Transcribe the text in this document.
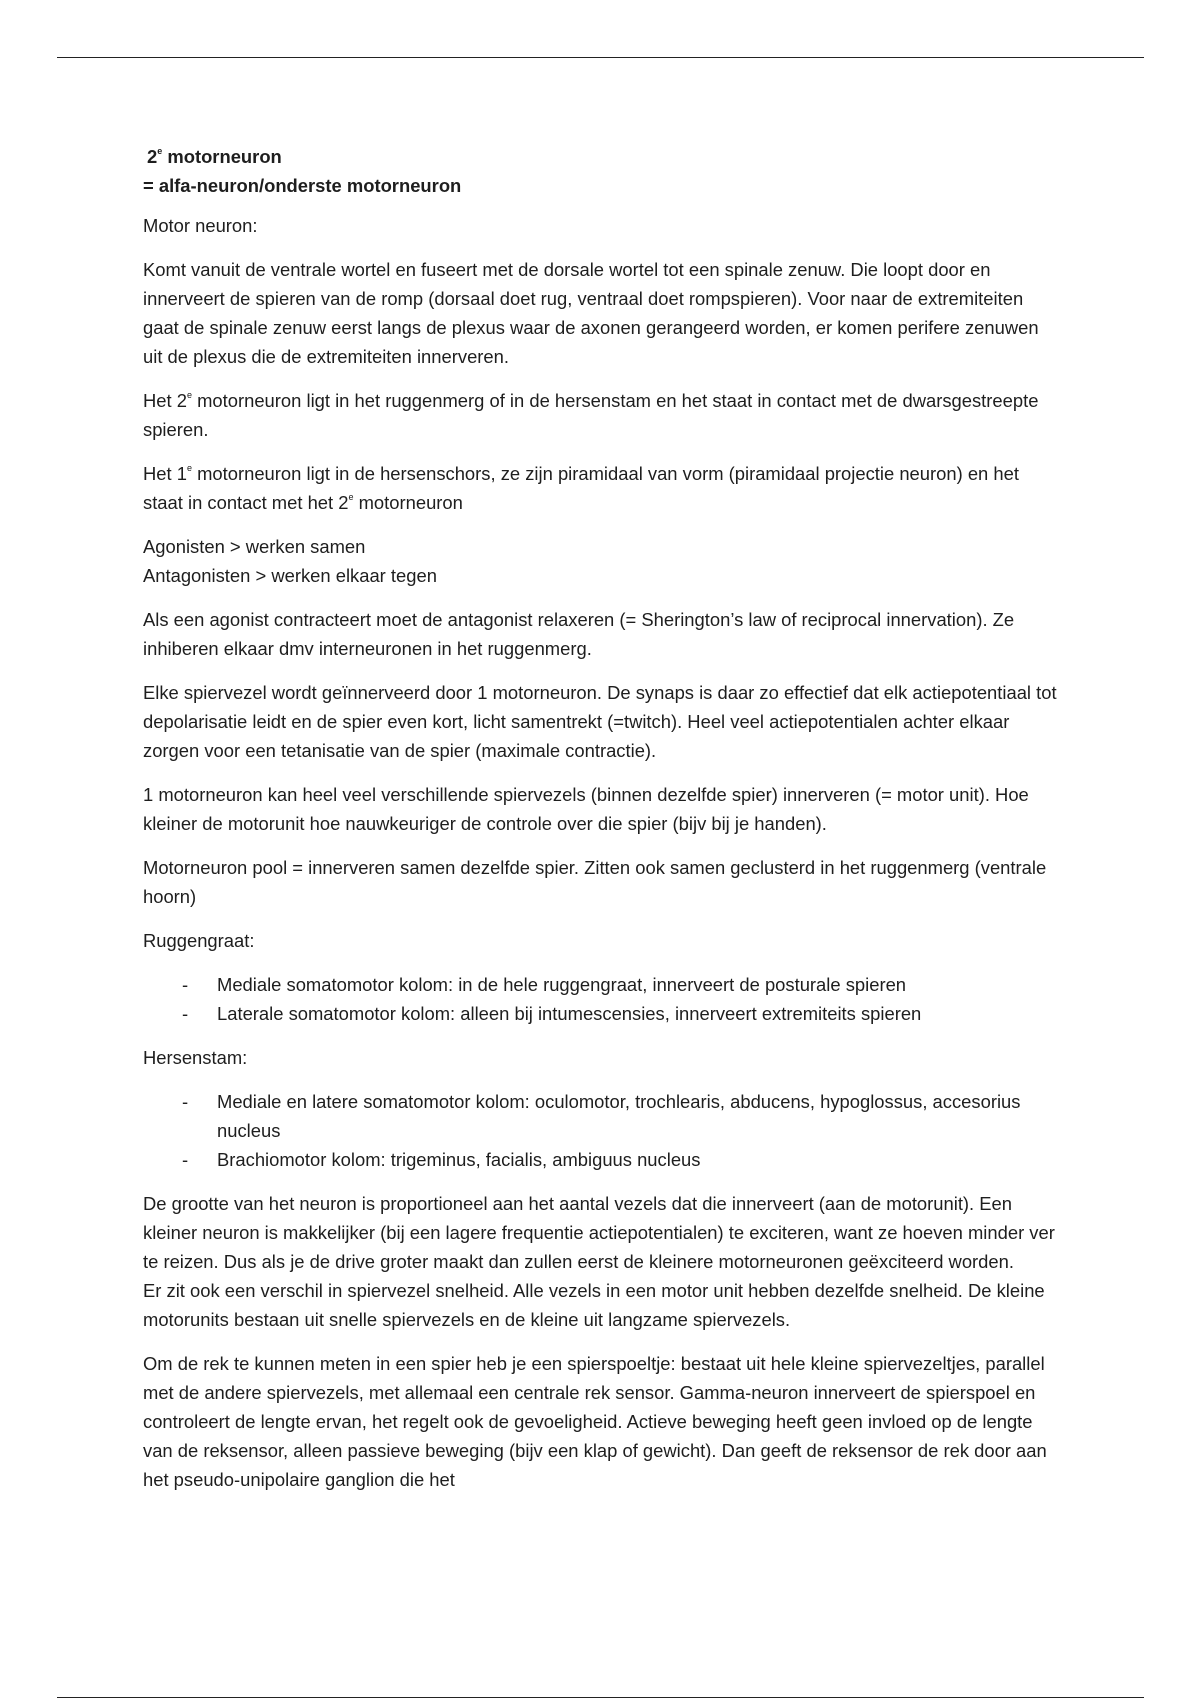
2e motorneuron

= alfa-neuron/onderste motorneuron

Motor neuron:

Komt vanuit de ventrale wortel en fuseert met de dorsale wortel tot een spinale zenuw. Die loopt door en innerveert de spieren van de romp (dorsaal doet rug, ventraal doet rompspieren). Voor naar de extremiteiten gaat de spinale zenuw eerst langs de plexus waar de axonen gerangeerd worden, er komen perifere zenuwen uit de plexus die de extremiteiten innerveren.

Het 2e motorneuron ligt in het ruggenmerg of in de hersenstam en het staat in contact met de dwarsgestreepte spieren.

Het 1e motorneuron ligt in de hersenschors, ze zijn piramidaal van vorm (piramidaal projectie neuron) en het staat in contact met het 2e motorneuron

Agonisten > werken samen
Antagonisten > werken elkaar tegen

Als een agonist contracteert moet de antagonist relaxeren (= Sherington’s law of reciprocal innervation). Ze inhiberen elkaar dmv interneuronen in het ruggenmerg.

Elke spiervezel wordt geïnnerveerd door 1 motorneuron. De synaps is daar zo effectief dat elk actiepotentiaal tot depolarisatie leidt en de spier even kort, licht samentrekt (=twitch). Heel veel actiepotentialen achter elkaar zorgen voor een tetanisatie van de spier (maximale contractie).

1 motorneuron kan heel veel verschillende spiervezels (binnen dezelfde spier) innerveren (= motor unit). Hoe kleiner de motorunit hoe nauwkeuriger de controle over die spier (bijv bij je handen).

Motorneuron pool = innerveren samen dezelfde spier. Zitten ook samen geclusterd in het ruggenmerg (ventrale hoorn)

Ruggengraat:

- Mediale somatomotor kolom: in de hele ruggengraat, innerveert de posturale spieren
- Laterale somatomotor kolom: alleen bij intumescensies, innerveert extremiteits spieren

Hersenstam:

- Mediale en latere somatomotor kolom: oculomotor, trochlearis, abducens, hypoglossus, accesorius nucleus
- Brachiomotor kolom: trigeminus, facialis, ambiguus nucleus

De grootte van het neuron is proportioneel aan het aantal vezels dat die innerveert (aan de motorunit). Een kleiner neuron is makkelijker (bij een lagere frequentie actiepotentialen) te exciteren, want ze hoeven minder ver te reizen. Dus als je de drive groter maakt dan zullen eerst de kleinere motorneuronen geëxciteerd worden.
Er zit ook een verschil in spiervezel snelheid. Alle vezels in een motor unit hebben dezelfde snelheid. De kleine motorunits bestaan uit snelle spiervezels en de kleine uit langzame spiervezels.

Om de rek te kunnen meten in een spier heb je een spierspoeltje: bestaat uit hele kleine spiervezeltjes, parallel met de andere spiervezels, met allemaal een centrale rek sensor. Gamma-neuron innerveert de spierspoel en controleert de lengte ervan, het regelt ook de gevoeligheid. Actieve beweging heeft geen invloed op de lengte van de reksensor, alleen passieve beweging (bijv een klap of gewicht). Dan geeft de reksensor de rek door aan het pseudo-unipolaire ganglion die het
